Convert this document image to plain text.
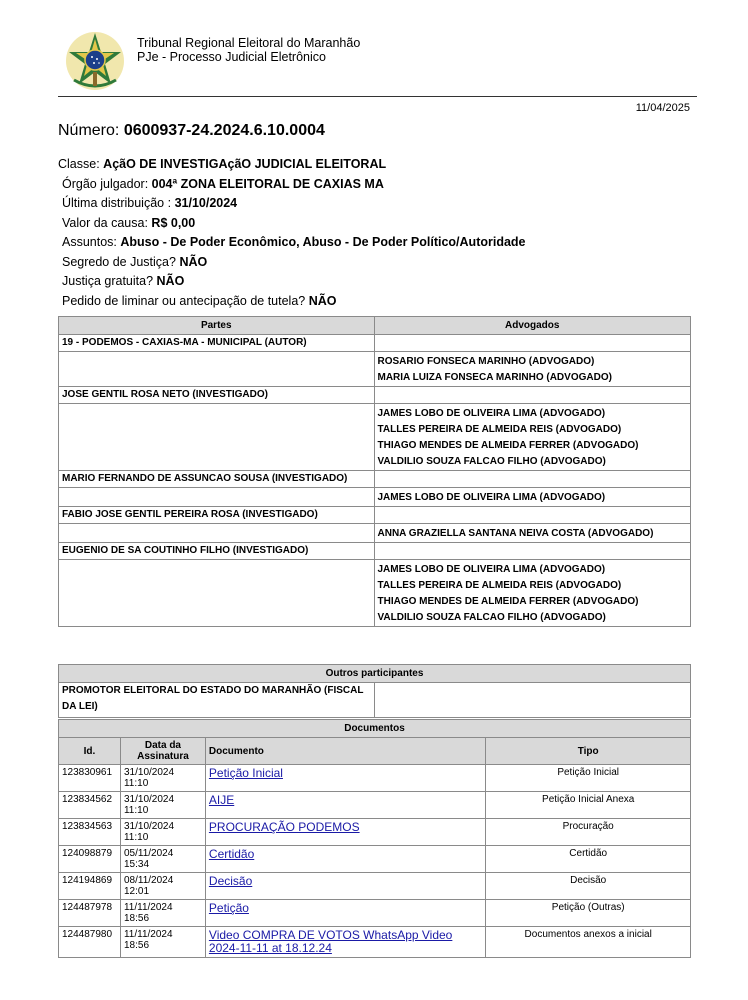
Tribunal Regional Eleitoral do Maranhão
PJe - Processo Judicial Eletrônico
11/04/2025
Número: 0600937-24.2024.6.10.0004
Classe: AçãO DE INVESTIGAçãO JUDICIAL ELEITORAL
Órgão julgador: 004ª ZONA ELEITORAL DE CAXIAS MA
Última distribuição : 31/10/2024
Valor da causa: R$ 0,00
Assuntos: Abuso - De Poder Econômico, Abuso - De Poder Político/Autoridade
Segredo de Justiça? NÃO
Justiça gratuita? NÃO
Pedido de liminar ou antecipação de tutela? NÃO
Partes	Advogados
19 - PODEMOS - CAXIAS-MA - MUNICIPAL (AUTOR)	

	ROSARIO FONSECA MARINHO (ADVOGADO)
MARIA LUIZA FONSECA MARINHO (ADVOGADO)

JOSE GENTIL ROSA NETO (INVESTIGADO)	

	JAMES LOBO DE OLIVEIRA LIMA (ADVOGADO)
TALLES PEREIRA DE ALMEIDA REIS (ADVOGADO)
THIAGO MENDES DE ALMEIDA FERRER (ADVOGADO)
VALDILIO SOUZA FALCAO FILHO (ADVOGADO)

MARIO FERNANDO DE ASSUNCAO SOUSA (INVESTIGADO)	

	JAMES LOBO DE OLIVEIRA LIMA (ADVOGADO)

FABIO JOSE GENTIL PEREIRA ROSA (INVESTIGADO)	

	ANNA GRAZIELLA SANTANA NEIVA COSTA (ADVOGADO)

EUGENIO DE SA COUTINHO FILHO (INVESTIGADO)	

	JAMES LOBO DE OLIVEIRA LIMA (ADVOGADO)
TALLES PEREIRA DE ALMEIDA REIS (ADVOGADO)
THIAGO MENDES DE ALMEIDA FERRER (ADVOGADO)
VALDILIO SOUZA FALCAO FILHO (ADVOGADO)
Outros participantes
PROMOTOR ELEITORAL DO ESTADO DO MARANHÃO (FISCAL DA LEI)	
Documentos			
Id.	Data da Assinatura	Documento	Tipo
123830961	31/10/2024
11:10	Petição Inicial	Petição Inicial
123834562	31/10/2024
11:10	AIJE	Petição Inicial Anexa
123834563	31/10/2024
11:10	PROCURAÇÃO PODEMOS	Procuração
124098879	05/11/2024
15:34	Certidão	Certidão
124194869	08/11/2024
12:01	Decisão	Decisão
124487978	11/11/2024
18:56	Petição	Petição (Outras)
124487980	11/11/2024
18:56	Video COMPRA DE VOTOS WhatsApp Video 2024-11-11 at 18.12.24	Documentos anexos a inicial
